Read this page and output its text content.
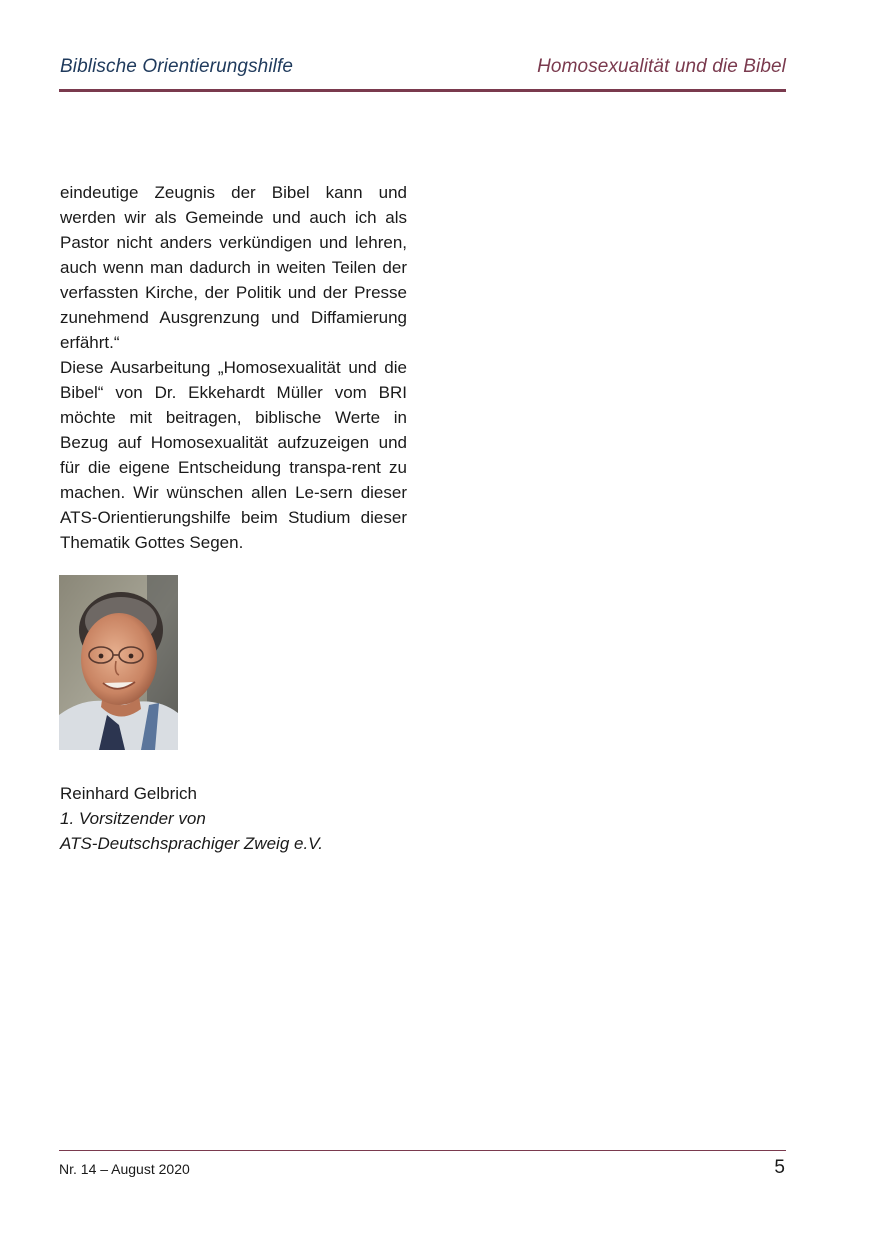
Biblische Orientierungshilfe	Homosexualität und die Bibel

eindeutige Zeugnis der Bibel kann und werden wir als Gemeinde und auch ich als Pastor nicht anders verkündigen und lehren, auch wenn man dadurch in weiten Teilen der verfassten Kirche, der Politik und der Presse zunehmend Ausgrenzung und Diffamierung erfährt.“

Diese Ausarbeitung „Homosexualität und die Bibel“ von Dr. Ekkehardt Müller vom BRI möchte mit beitragen, biblische Werte in Bezug auf Homosexualität aufzuzeigen und für die eigene Entscheidung transpa-rent zu machen. Wir wünschen allen Le-sern dieser ATS-Orientierungshilfe beim Studium dieser Thematik Gottes Segen.

Reinhard Gelbrich
1. Vorsitzender von
ATS-Deutschsprachiger Zweig e.V.
Nr. 14 – August 2020	5
